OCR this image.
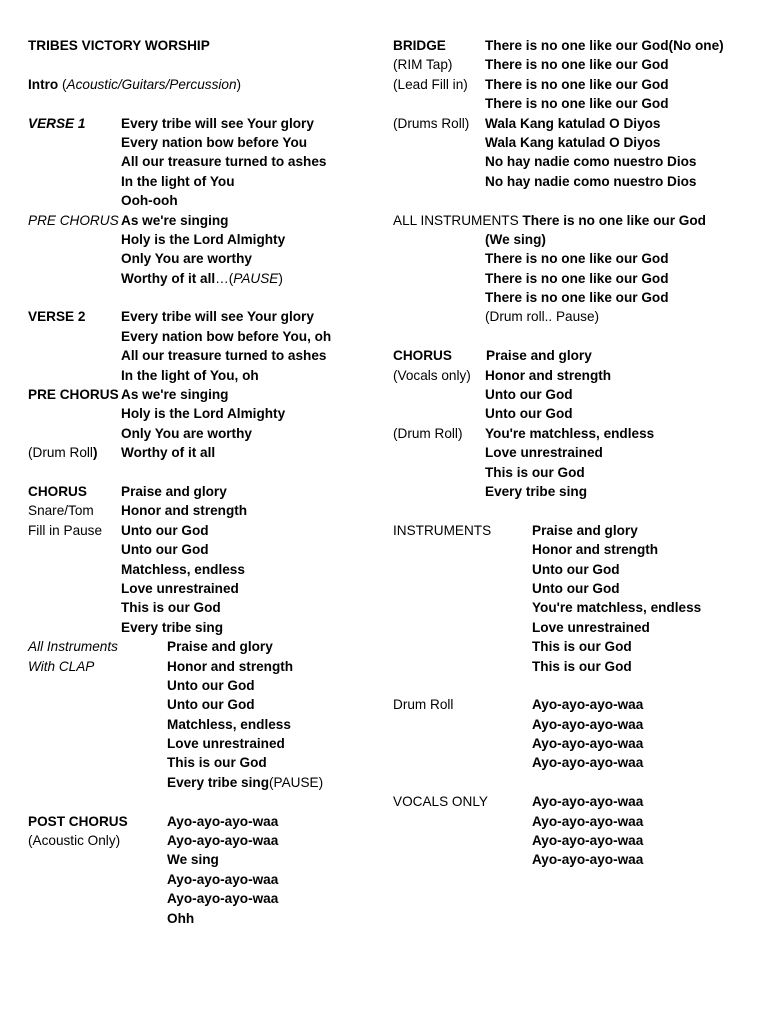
TRIBES VICTORY WORSHIP
Intro (Acoustic/Guitars/Percussion)
VERSE 1	Every tribe will see Your glory
Every nation bow before You
All our treasure turned to ashes
In the light of You
Ooh-ooh
PRE CHORUS As we're singing
Holy is the Lord Almighty
Only You are worthy
Worthy of it all…(PAUSE)
VERSE 2	Every tribe will see Your glory
Every nation bow before You, oh
All our treasure turned to ashes
In the light of You, oh
PRE CHORUS As we're singing
Holy is the Lord Almighty
Only You are worthy
(Drum Roll) Worthy of it all
CHORUS	Praise and glory
Snare/Tom Honor and strength
Fill in Pause Unto our God
Unto our God
Matchless, endless
Love unrestrained
This is our God
Every tribe sing
All Instruments	Praise and glory
With CLAP	Honor and strength
Unto our God
Unto our God
Matchless, endless
Love unrestrained
This is our God
Every tribe sing(PAUSE)
POST CHORUS	Ayo-ayo-ayo-waa
(Acoustic Only)	Ayo-ayo-ayo-waa
We sing
Ayo-ayo-ayo-waa
Ayo-ayo-ayo-waa
Ohh
BRIDGE	There is no one like our God(No one)
(RIM Tap) There is no one like our God
(Lead Fill in) There is no one like our God
There is no one like our God
(Drums Roll) Wala Kang katulad O Diyos
Wala Kang katulad O Diyos
No hay nadie como nuestro Dios
No hay nadie como nuestro Dios
ALL INSTRUMENTS There is no one like our God
(We sing)
There is no one like our God
There is no one like our God
There is no one like our God
(Drum roll.. Pause)
CHORUS	Praise and glory
(Vocals only) Honor and strength
Unto our God
Unto our God
(Drum Roll) You're matchless, endless
Love unrestrained
This is our God
Every tribe sing
INSTRUMENTS	Praise and glory
Honor and strength
Unto our God
Unto our God
You're matchless, endless
Love unrestrained
This is our God
This is our God
Drum Roll	Ayo-ayo-ayo-waa
Ayo-ayo-ayo-waa
Ayo-ayo-ayo-waa
Ayo-ayo-ayo-waa
VOCALS ONLY	Ayo-ayo-ayo-waa
Ayo-ayo-ayo-waa
Ayo-ayo-ayo-waa
Ayo-ayo-ayo-waa
